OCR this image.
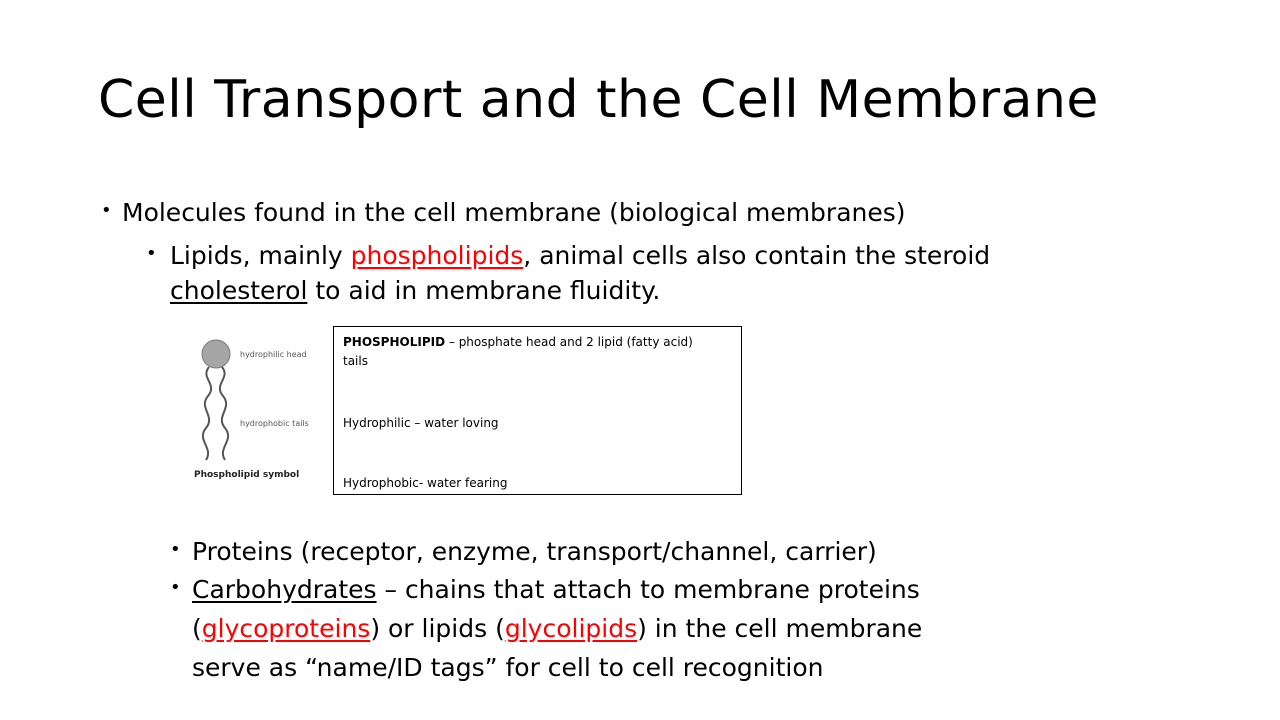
Cell Transport and the Cell Membrane
• Molecules found in the cell membrane (biological membranes)
• Lipids, mainly phospholipids, animal cells also contain the steroid
cholesterol to aid in membrane fluidity.
hydrophilic head
hydrophobic tails
Phospholipid symbol
PHOSPHOLIPID – phosphate head and 2 lipid (fatty acid)
tails
Hydrophilic – water loving
Hydrophobic- water fearing
• Proteins (receptor, enzyme, transport/channel, carrier)
• Carbohydrates – chains that attach to membrane proteins
(glycoproteins) or lipids (glycolipids) in the cell membrane
serve as “name/ID tags” for cell to cell recognition
